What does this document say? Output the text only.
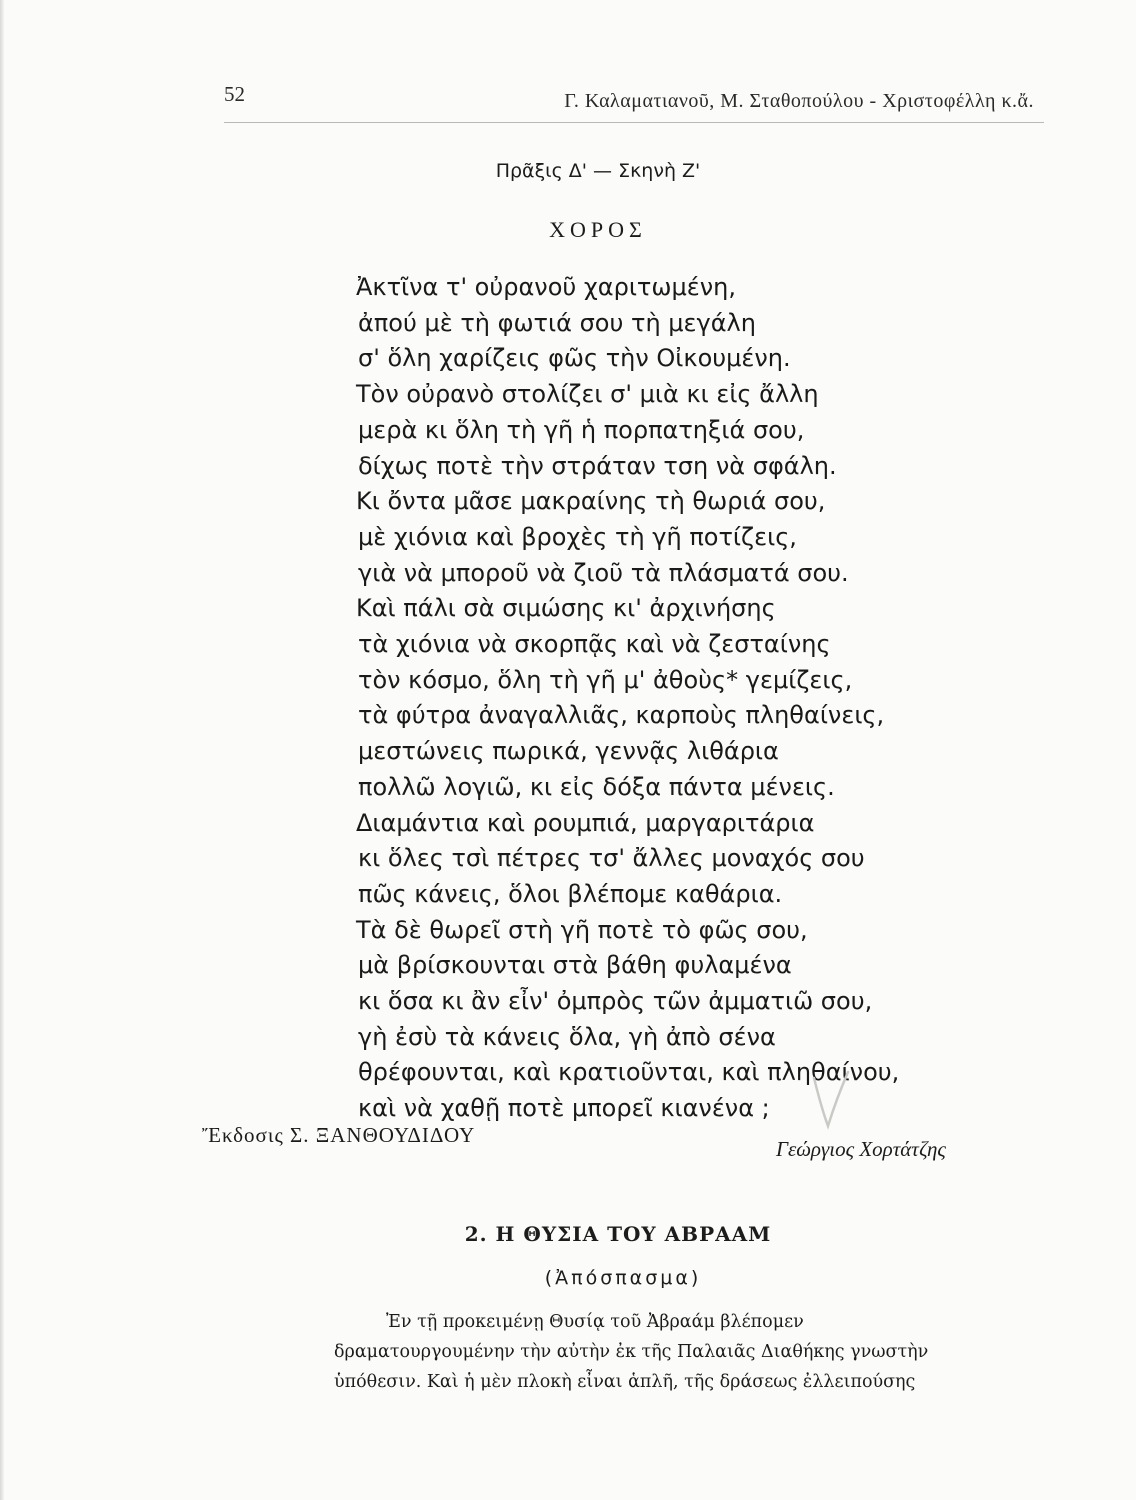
52	Γ. Καλαματιανοῦ, Μ. Σταθοπούλου - Χριστοφέλλη κ.ἄ.
Πρᾶξις Δ' — Σκηνὴ Ζ'
ΧΟΡΟΣ
Ἀκτῖνα τ' οὐρανοῦ χαριτωμένη,
ἀπού μὲ τὴ φωτιά σου τὴ μεγάλη
σ' ὅλη χαρίζεις φῶς τὴν Οἰκουμένη.
Τὸν οὐρανὸ στολίζει σ' μιὰ κι εἰς ἄλλη
μερὰ κι ὅλη τὴ γῆ ἡ πορπατηξιά σου,
δίχως ποτὲ τὴν στράταν τση νὰ σφάλη.
Κι ὄντα μᾶσε μακραίνης τὴ θωριά σου,
μὲ χιόνια καὶ βροχὲς τὴ γῆ ποτίζεις,
γιὰ νὰ μποροῦ νὰ ζιοῦ τὰ πλάσματά σου.
Καὶ πάλι σὰ σιμώσης κι' ἀρχινήσης
τὰ χιόνια νὰ σκορπᾷς καὶ νὰ ζεσταίνης
τὸν κόσμο, ὅλη τὴ γῆ μ' ἀθοὺς* γεμίζεις,
τὰ φύτρα ἀναγαλλιᾶς, καρποὺς πληθαίνεις,
μεστώνεις πωρικά, γεννᾷς λιθάρια
πολλῶ λογιῶ, κι εἰς δόξα πάντα μένεις.
Διαμάντια καὶ ρουμπιά, μαργαριτάρια
κι ὅλες τσὶ πέτρες τσ' ἄλλες μοναχός σου
πῶς κάνεις, ὅλοι βλέπομε καθάρια.
Τὰ δὲ θωρεῖ στὴ γῆ ποτὲ τὸ φῶς σου,
μὰ βρίσκουνται στὰ βάθη φυλαμένα
κι ὅσα κι ἂν εἶν' ὀμπρὸς τῶν ἀμματιῶ σου,
γὴ ἐσὺ τὰ κάνεις ὅλα, γὴ ἀπὸ σένα
θρέφουνται, καὶ κρατιοῦνται, καὶ πληθαίνου,
καὶ νὰ χαθῇ ποτὲ μπορεῖ κιανένα ;
Ἔκδοσις Σ. ΞΑΝΘΟΥΔΙΔΟΥ
Γεώργιος Χορτάτζης
2. Η ΘΥΣΙΑ ΤΟΥ ΑΒΡΑΑΜ
(Ἀπόσπασμα)
Ἐν τῇ προκειμένῃ Θυσίᾳ τοῦ Ἀβραάμ βλέπομεν
δραματουργουμένην τὴν αὐτὴν ἐκ τῆς Παλαιᾶς Διαθήκης γνωστὴν
ὑπόθεσιν. Καὶ ἡ μὲν πλοκὴ εἶναι ἁπλῆ, τῆς δράσεως ἐλλειπούσης
